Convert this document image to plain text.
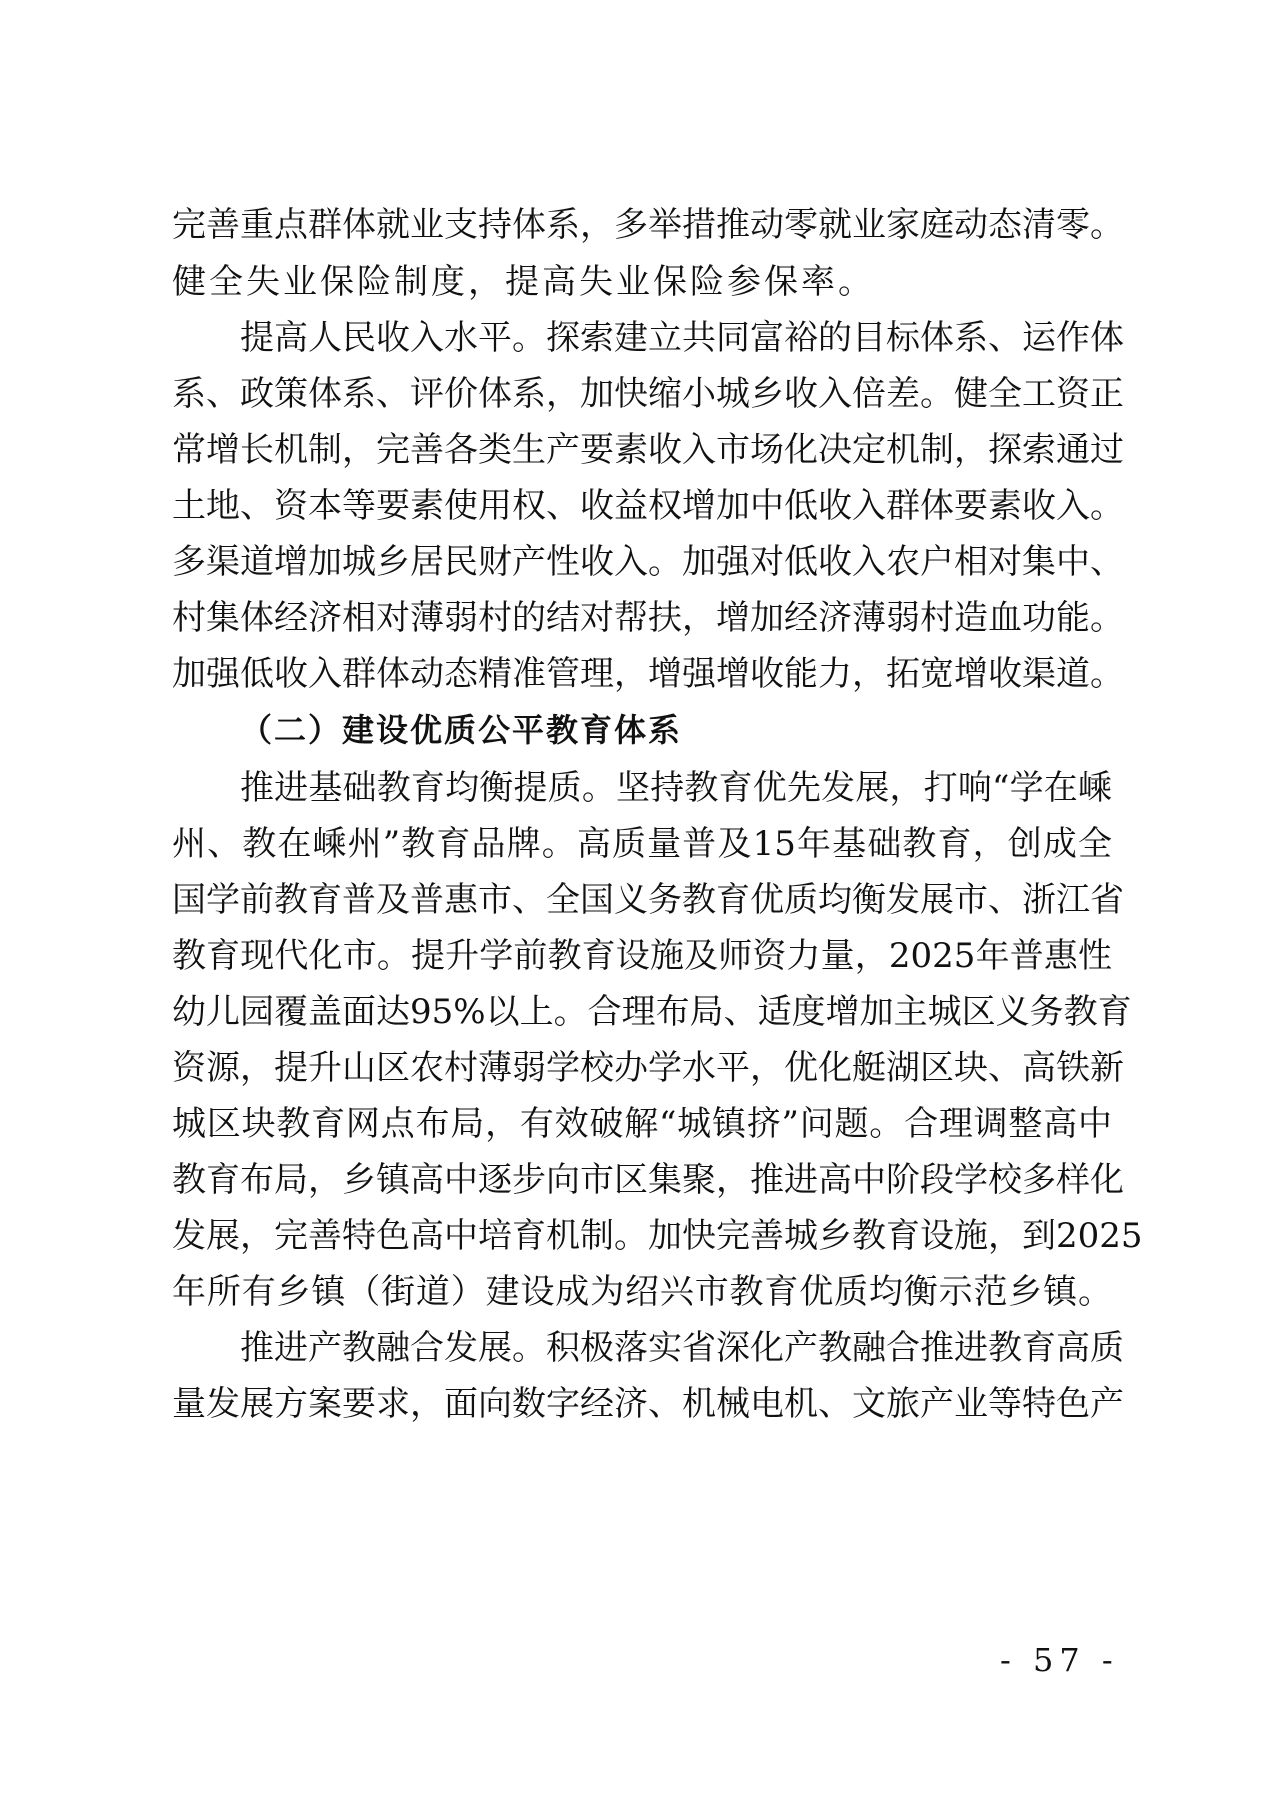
完善重点群体就业支持体系，多举措推动零就业家庭动态清零。
健全失业保险制度，提高失业保险参保率。
提高人民收入水平。探索建立共同富裕的目标体系、运作体
系、政策体系、评价体系，加快缩小城乡收入倍差。健全工资正
常增长机制，完善各类生产要素收入市场化决定机制，探索通过
土地、资本等要素使用权、收益权增加中低收入群体要素收入。
多渠道增加城乡居民财产性收入。加强对低收入农户相对集中、
村集体经济相对薄弱村的结对帮扶，增加经济薄弱村造血功能。
加强低收入群体动态精准管理，增强增收能力，拓宽增收渠道。
（二）建设优质公平教育体系
推进基础教育均衡提质。坚持教育优先发展，打响“学在嵊
州、教在嵊州”教育品牌。高质量普及15年基础教育，创成全
国学前教育普及普惠市、全国义务教育优质均衡发展市、浙江省
教育现代化市。提升学前教育设施及师资力量，2025年普惠性
幼儿园覆盖面达95%以上。合理布局、适度增加主城区义务教育
资源，提升山区农村薄弱学校办学水平，优化艇湖区块、高铁新
城区块教育网点布局，有效破解“城镇挤”问题。合理调整高中
教育布局，乡镇高中逐步向市区集聚，推进高中阶段学校多样化
发展，完善特色高中培育机制。加快完善城乡教育设施，到2025
年所有乡镇（街道）建设成为绍兴市教育优质均衡示范乡镇。
推进产教融合发展。积极落实省深化产教融合推进教育高质
量发展方案要求，面向数字经济、机械电机、文旅产业等特色产
- 57 -
